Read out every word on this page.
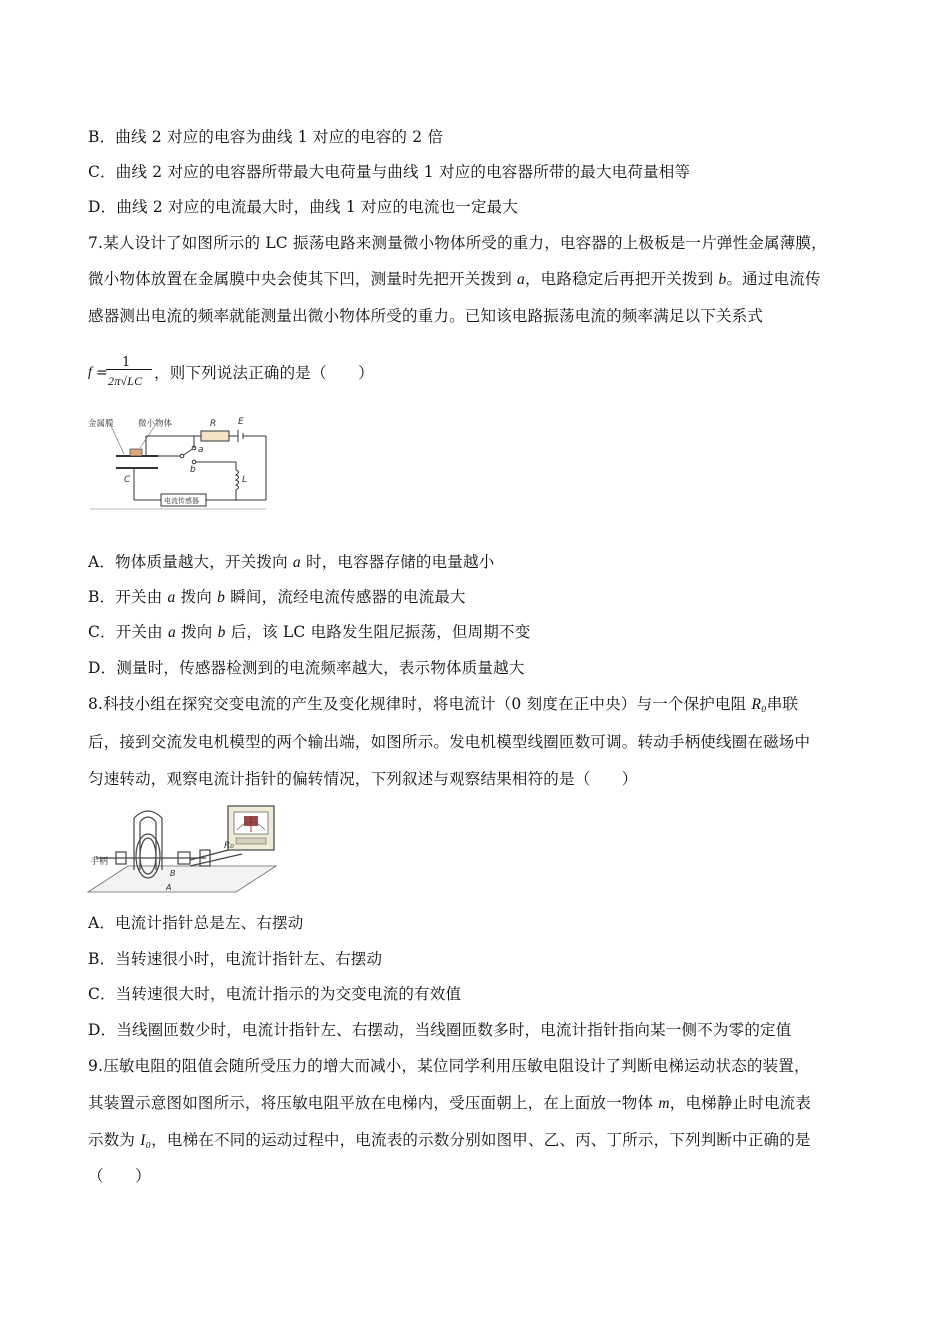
B．曲线 2 对应的电容为曲线 1 对应的电容的 2 倍
C．曲线 2 对应的电容器所带最大电荷量与曲线 1 对应的电容器所带的最大电荷量相等
D．曲线 2 对应的电流最大时，曲线 1 对应的电流也一定最大
7.某人设计了如图所示的 LC 振荡电路来测量微小物体所受的重力，电容器的上极板是一片弹性金属薄膜，
微小物体放置在金属膜中央会使其下凹，测量时先把开关拨到 a，电路稳定后再把开关拨到 b。通过电流传
感器测出电流的频率就能测量出微小物体所受的重力。已知该电路振荡电流的频率满足以下关系式
f =
1
2π√LC ，则下列说法正确的是（　　）
金属膜	微小物体	R E
a
b
C	L
电流传感器
A．物体质量越大，开关拨向 a 时，电容器存储的电量越小
B．开关由 a 拨向 b 瞬间，流经电流传感器的电流最大
C．开关由 a 拨向 b 后，该 LC 电路发生阻尼振荡，但周期不变
D．测量时，传感器检测到的电流频率越大，表示物体质量越大
8.科技小组在探究交变电流的产生及变化规律时，将电流计（0 刻度在正中央）与一个保护电阻 R₀串联
后，接到交流发电机模型的两个输出端，如图所示。发电机模型线圈匝数可调。转动手柄使线圈在磁场中
匀速转动，观察电流计指针的偏转情况，下列叙述与观察结果相符的是（　　）
手柄
R₀
A
B
A．电流计指针总是左、右摆动
B．当转速很小时，电流计指针左、右摆动
C．当转速很大时，电流计指示的为交变电流的有效值
D．当线圈匝数少时，电流计指针左、右摆动，当线圈匝数多时，电流计指针指向某一侧不为零的定值
9.压敏电阻的阻值会随所受压力的增大而减小，某位同学利用压敏电阻设计了判断电梯运动状态的装置，
其装置示意图如图所示，将压敏电阻平放在电梯内，受压面朝上，在上面放一物体 m，电梯静止时电流表
示数为 I₀，电梯在不同的运动过程中，电流表的示数分别如图甲、乙、丙、丁所示，下列判断中正确的是
（　　）
